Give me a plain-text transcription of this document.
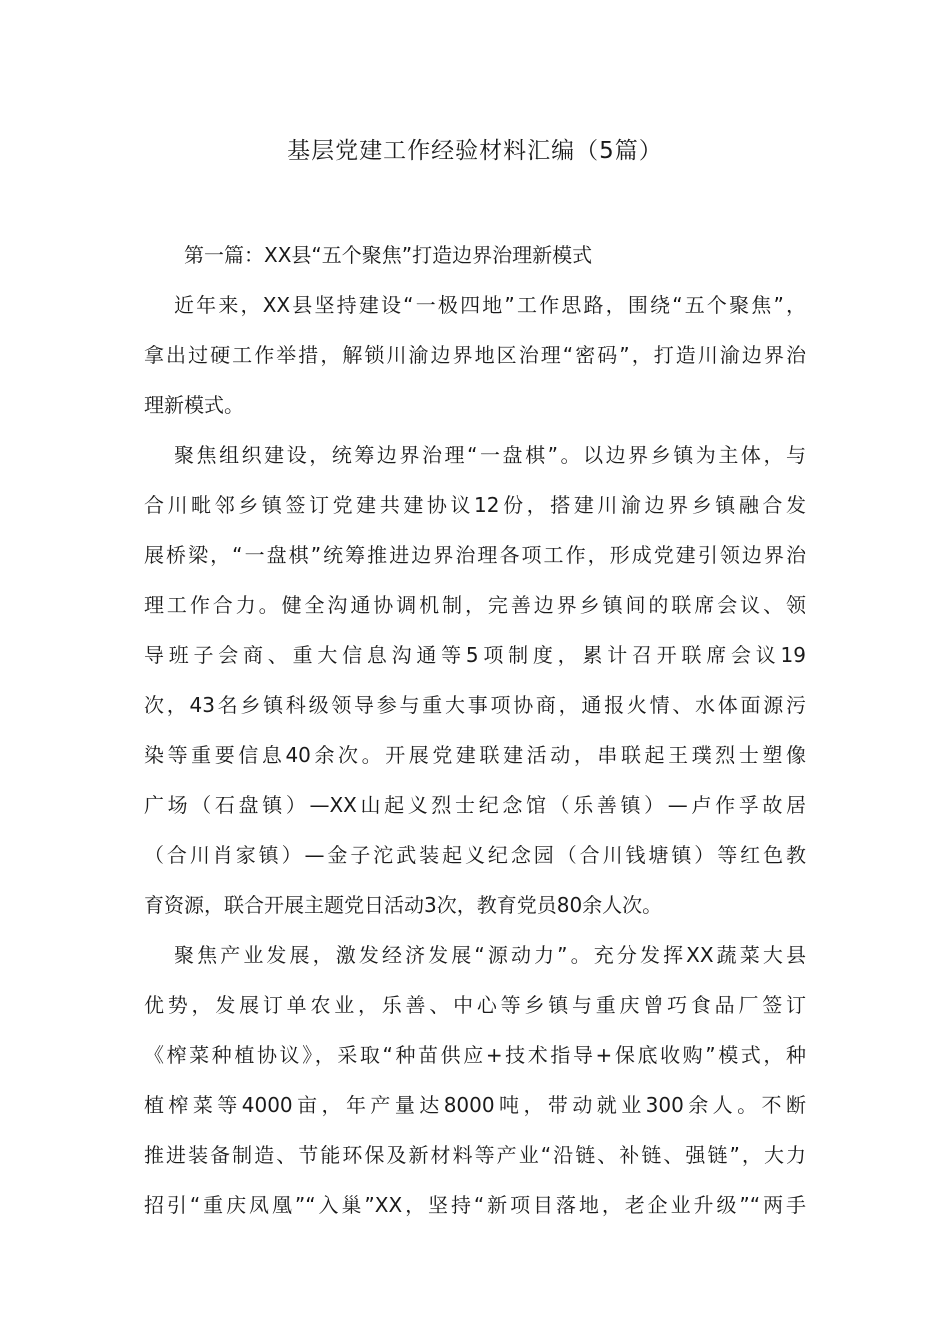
基层党建工作经验材料汇编（5篇）

第一篇：XX县“五个聚焦”打造边界治理新模式

近年来，XX县坚持建设“一极四地”工作思路，围绕“五个聚焦”，
拿出过硬工作举措，解锁川渝边界地区治理“密码”，打造川渝边界治
理新模式。
聚焦组织建设，统筹边界治理“一盘棋”。以边界乡镇为主体，与
合川毗邻乡镇签订党建共建协议12份，搭建川渝边界乡镇融合发
展桥梁，“一盘棋”统筹推进边界治理各项工作，形成党建引领边界治
理工作合力。健全沟通协调机制，完善边界乡镇间的联席会议、领
导班子会商、重大信息沟通等5项制度，累计召开联席会议19
次，43名乡镇科级领导参与重大事项协商，通报火情、水体面源污
染等重要信息40余次。开展党建联建活动，串联起王璞烈士塑像
广场（石盘镇）—XX山起义烈士纪念馆（乐善镇）—卢作孚故居
（合川肖家镇）—金子沱武装起义纪念园（合川钱塘镇）等红色教
育资源，联合开展主题党日活动3次，教育党员80余人次。
聚焦产业发展，激发经济发展“源动力”。充分发挥XX蔬菜大县
优势，发展订单农业，乐善、中心等乡镇与重庆曾巧食品厂签订
《榨菜种植协议》，采取“种苗供应+技术指导+保底收购”模式，种
植榨菜等4000亩，年产量达8000吨，带动就业300余人。不断
推进装备制造、节能环保及新材料等产业“沿链、补链、强链”，大力
招引“重庆凤凰”“入巢”XX，坚持“新项目落地，老企业升级”“两手
